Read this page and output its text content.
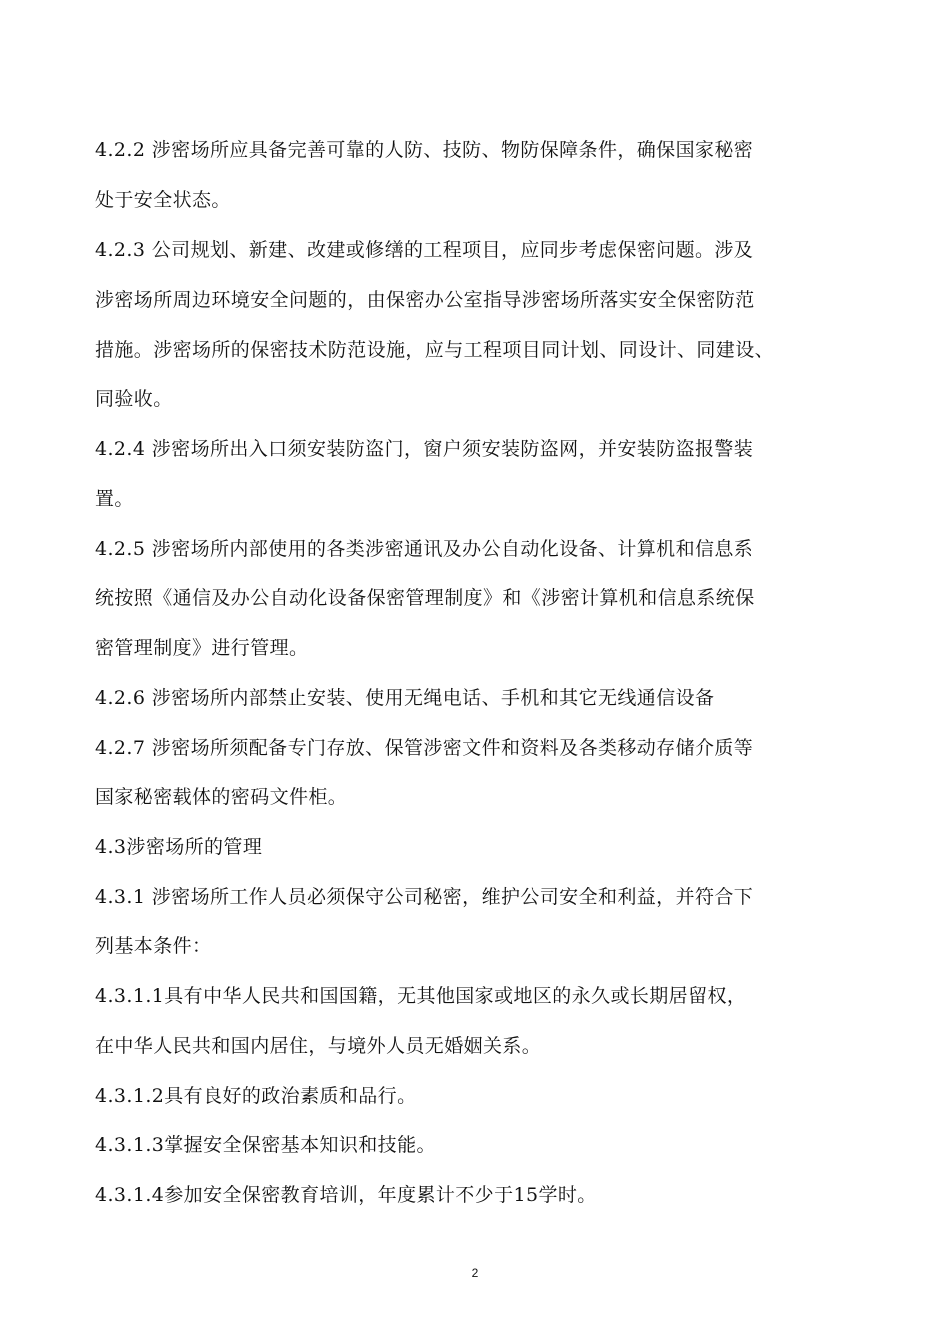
4.2.2 涉密场所应具备完善可靠的人防、技防、物防保障条件，确保国家秘密
处于安全状态。
4.2.3 公司规划、新建、改建或修缮的工程项目，应同步考虑保密问题。涉及
涉密场所周边环境安全问题的，由保密办公室指导涉密场所落实安全保密防范
措施。涉密场所的保密技术防范设施，应与工程项目同计划、同设计、同建设、
同验收。
4.2.4 涉密场所出入口须安装防盗门，窗户须安装防盗网，并安装防盗报警装
置。
4.2.5 涉密场所内部使用的各类涉密通讯及办公自动化设备、计算机和信息系
统按照《通信及办公自动化设备保密管理制度》和《涉密计算机和信息系统保
密管理制度》进行管理。
4.2.6 涉密场所内部禁止安装、使用无绳电话、手机和其它无线通信设备
4.2.7 涉密场所须配备专门存放、保管涉密文件和资料及各类移动存储介质等
国家秘密载体的密码文件柜。
4.3涉密场所的管理
4.3.1 涉密场所工作人员必须保守公司秘密，维护公司安全和利益，并符合下
列基本条件：
4.3.1.1具有中华人民共和国国籍，无其他国家或地区的永久或长期居留权，
在中华人民共和国内居住，与境外人员无婚姻关系。
4.3.1.2具有良好的政治素质和品行。
4.3.1.3掌握安全保密基本知识和技能。
4.3.1.4参加安全保密教育培训，年度累计不少于15学时。
2
